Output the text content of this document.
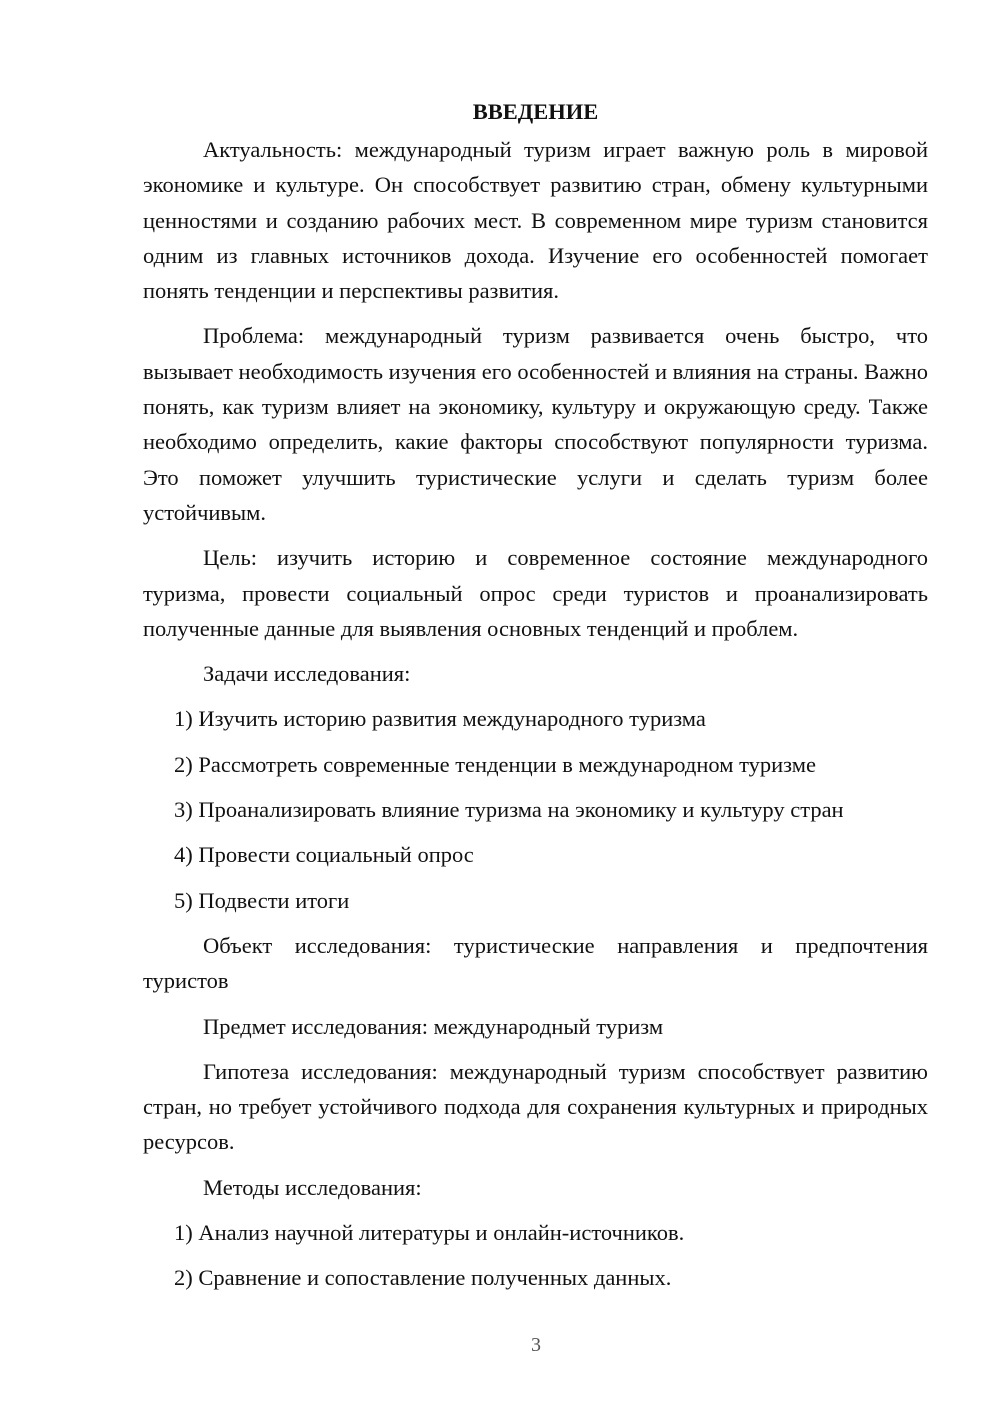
ВВЕДЕНИЕ

Актуальность: международный туризм играет важную роль в мировой экономике и культуре. Он способствует развитию стран, обмену культурными ценностями и созданию рабочих мест. В современном мире туризм становится одним из главных источников дохода. Изучение его особенностей помогает понять тенденции и перспективы развития.

Проблема: международный туризм развивается очень быстро, что вызывает необходимость изучения его особенностей и влияния на страны. Важно понять, как туризм влияет на экономику, культуру и окружающую среду. Также необходимо определить, какие факторы способствуют популярности туризма. Это поможет улучшить туристические услуги и сделать туризм более устойчивым.

Цель: изучить историю и современное состояние международного туризма, провести социальный опрос среди туристов и проанализировать полученные данные для выявления основных тенденций и проблем.

Задачи исследования:

1) Изучить историю развития международного туризма

2) Рассмотреть современные тенденции в международном туризме

3) Проанализировать влияние туризма на экономику и культуру стран

4) Провести социальный опрос

5) Подвести итоги

Объект исследования: туристические направления и предпочтения туристов

Предмет исследования: международный туризм

Гипотеза исследования: международный туризм способствует развитию стран, но требует устойчивого подхода для сохранения культурных и природных ресурсов.

Методы исследования:

1) Анализ научной литературы и онлайн-источников.

2) Сравнение и сопоставление полученных данных.

3
